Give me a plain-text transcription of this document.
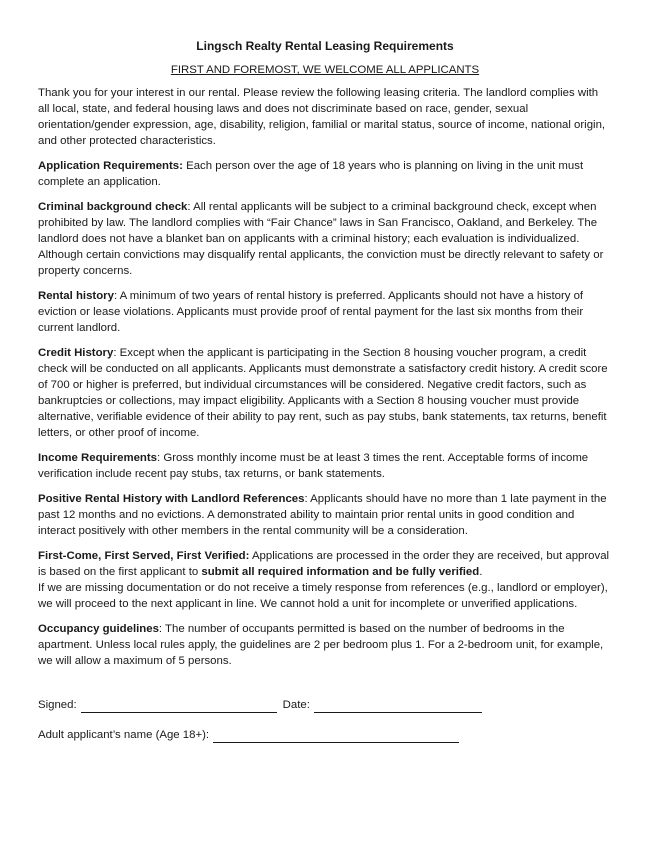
Lingsch Realty Rental Leasing Requirements
FIRST AND FOREMOST, WE WELCOME ALL APPLICANTS

Thank you for your interest in our rental. Please review the following leasing criteria. The landlord complies with all local, state, and federal housing laws and does not discriminate based on race, gender, sexual orientation/gender expression, age, disability, religion, familial or marital status, source of income, national origin, and other protected characteristics.

Application Requirements: Each person over the age of 18 years who is planning on living in the unit must complete an application.

Criminal background check: All rental applicants will be subject to a criminal background check, except when prohibited by law. The landlord complies with “Fair Chance” laws in San Francisco, Oakland, and Berkeley. The landlord does not have a blanket ban on applicants with a criminal history; each evaluation is individualized. Although certain convictions may disqualify rental applicants, the conviction must be directly relevant to safety or property concerns.

Rental history: A minimum of two years of rental history is preferred. Applicants should not have a history of eviction or lease violations. Applicants must provide proof of rental payment for the last six months from their current landlord.

Credit History: Except when the applicant is participating in the Section 8 housing voucher program, a credit check will be conducted on all applicants. Applicants must demonstrate a satisfactory credit history. A credit score of 700 or higher is preferred, but individual circumstances will be considered. Negative credit factors, such as bankruptcies or collections, may impact eligibility. Applicants with a Section 8 housing voucher must provide alternative, verifiable evidence of their ability to pay rent, such as pay stubs, bank statements, tax returns, benefit letters, or other proof of income.

Income Requirements: Gross monthly income must be at least 3 times the rent. Acceptable forms of income verification include recent pay stubs, tax returns, or bank statements.

Positive Rental History with Landlord References: Applicants should have no more than 1 late payment in the past 12 months and no evictions. A demonstrated ability to maintain prior rental units in good condition and interact positively with other members in the rental community will be a consideration.

First-Come, First Served, First Verified: Applications are processed in the order they are received, but approval is based on the first applicant to submit all required information and be fully verified.
If we are missing documentation or do not receive a timely response from references (e.g., landlord or employer), we will proceed to the next applicant in line. We cannot hold a unit for incomplete or unverified applications.

Occupancy guidelines: The number of occupants permitted is based on the number of bedrooms in the apartment. Unless local rules apply, the guidelines are 2 per bedroom plus 1. For a 2-bedroom unit, for example, we will allow a maximum of 5 persons.

Signed:	Date:
Adult applicant’s name (Age 18+):
